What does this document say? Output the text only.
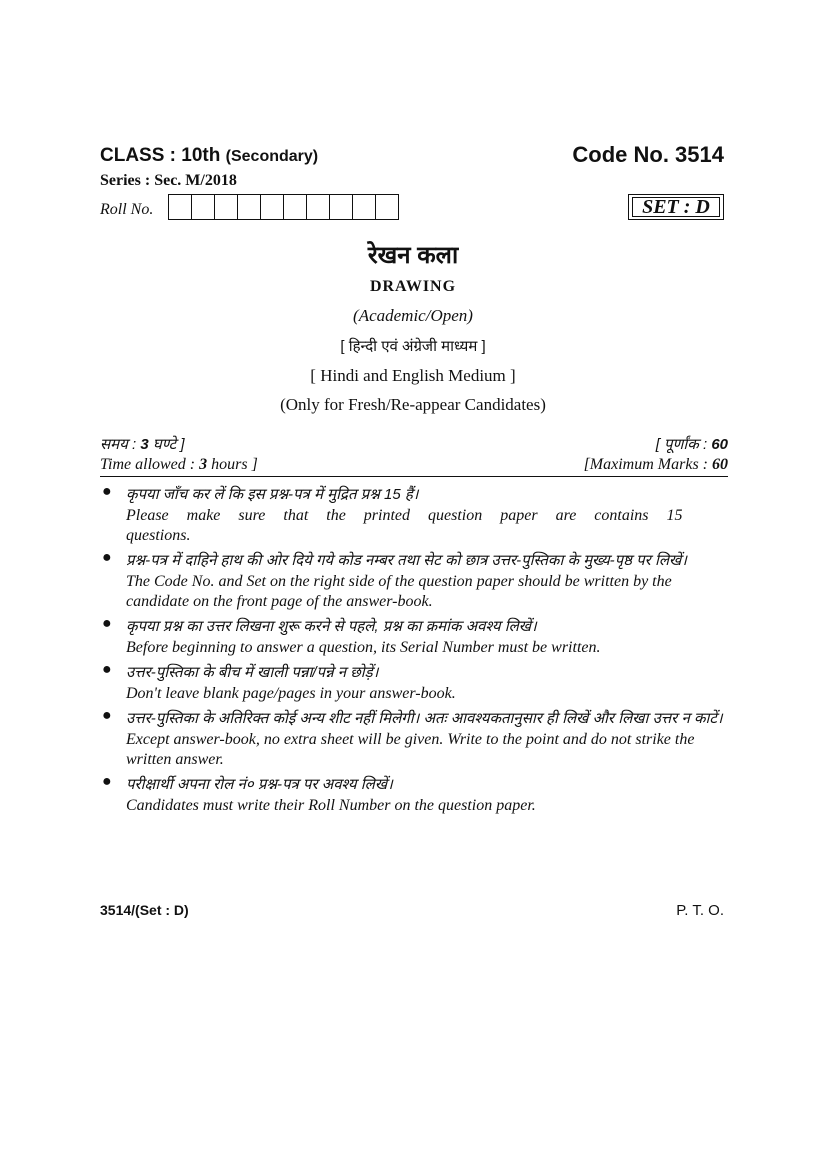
CLASS : 10th (Secondary)	Code No. 3514
Series : Sec. M/2018
Roll No.	SET : D
रेखन कला
DRAWING
(Academic/Open)
[ हिन्दी एवं अंग्रेजी माध्यम ]
[ Hindi and English Medium ]
(Only for Fresh/Re-appear Candidates)
समय : 3 घण्टे ]	[ पूर्णांक : 60
Time allowed : 3 hours ]	[Maximum Marks : 60
● कृपया जाँच कर लें कि इस प्रश्न-पत्र में मुद्रित प्रश्न 15 हैं।
Please make sure that the printed question paper are contains 15 questions.
● प्रश्न-पत्र में दाहिने हाथ की ओर दिये गये कोड नम्बर तथा सेट को छात्र उत्तर-पुस्तिका के मुख्य-पृष्ठ पर लिखें।
The Code No. and Set on the right side of the question paper should be written by the candidate on the front page of the answer-book.
● कृपया प्रश्न का उत्तर लिखना शुरू करने से पहले, प्रश्न का क्रमांक अवश्य लिखें।
Before beginning to answer a question, its Serial Number must be written.
● उत्तर-पुस्तिका के बीच में खाली पन्ना/पन्ने न छोड़ें।
Don't leave blank page/pages in your answer-book.
● उत्तर-पुस्तिका के अतिरिक्त कोई अन्य शीट नहीं मिलेगी। अतः आवश्यकतानुसार ही लिखें और लिखा उत्तर न काटें।
Except answer-book, no extra sheet will be given. Write to the point and do not strike the written answer.
● परीक्षार्थी अपना रोल नं० प्रश्न-पत्र पर अवश्य लिखें।
Candidates must write their Roll Number on the question paper.
3514/(Set : D)	P. T. O.
